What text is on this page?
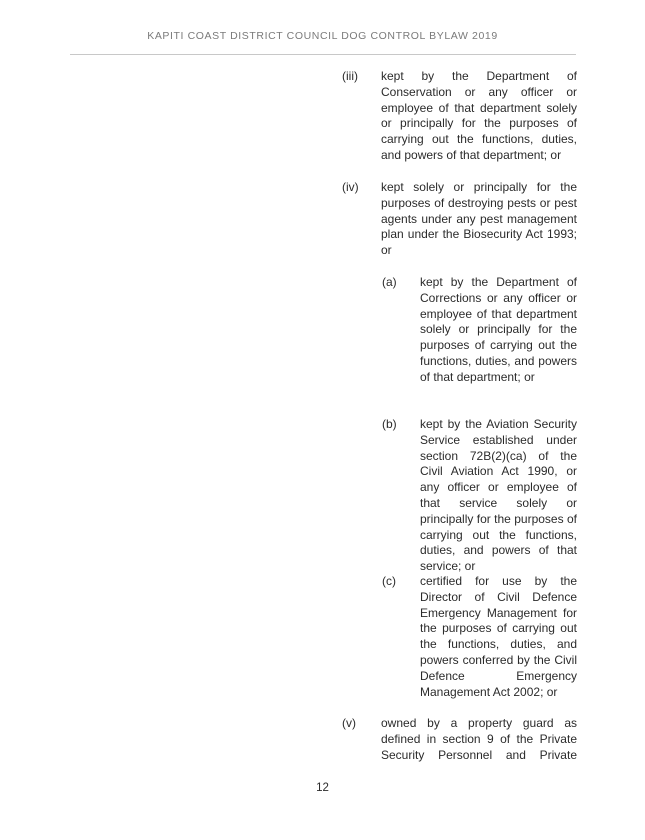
KAPITI COAST DISTRICT COUNCIL DOG CONTROL BYLAW 2019
(iii) kept by the Department of Conservation or any officer or employee of that department solely or principally for the purposes of carrying out the functions, duties, and powers of that department; or
(iv) kept solely or principally for the purposes of destroying pests or pest agents under any pest management plan under the Biosecurity Act 1993; or
(a) kept by the Department of Corrections or any officer or employee of that department solely or principally for the purposes of carrying out the functions, duties, and powers of that department; or
(b) kept by the Aviation Security Service established under section 72B(2)(ca) of the Civil Aviation Act 1990, or any officer or employee of that service solely or principally for the purposes of carrying out the functions, duties, and powers of that service; or
(c) certified for use by the Director of Civil Defence Emergency Management for the purposes of carrying out the functions, duties, and powers conferred by the Civil Defence Emergency Management Act 2002; or
(v) owned by a property guard as defined in section 9 of the Private Security Personnel and Private
12
